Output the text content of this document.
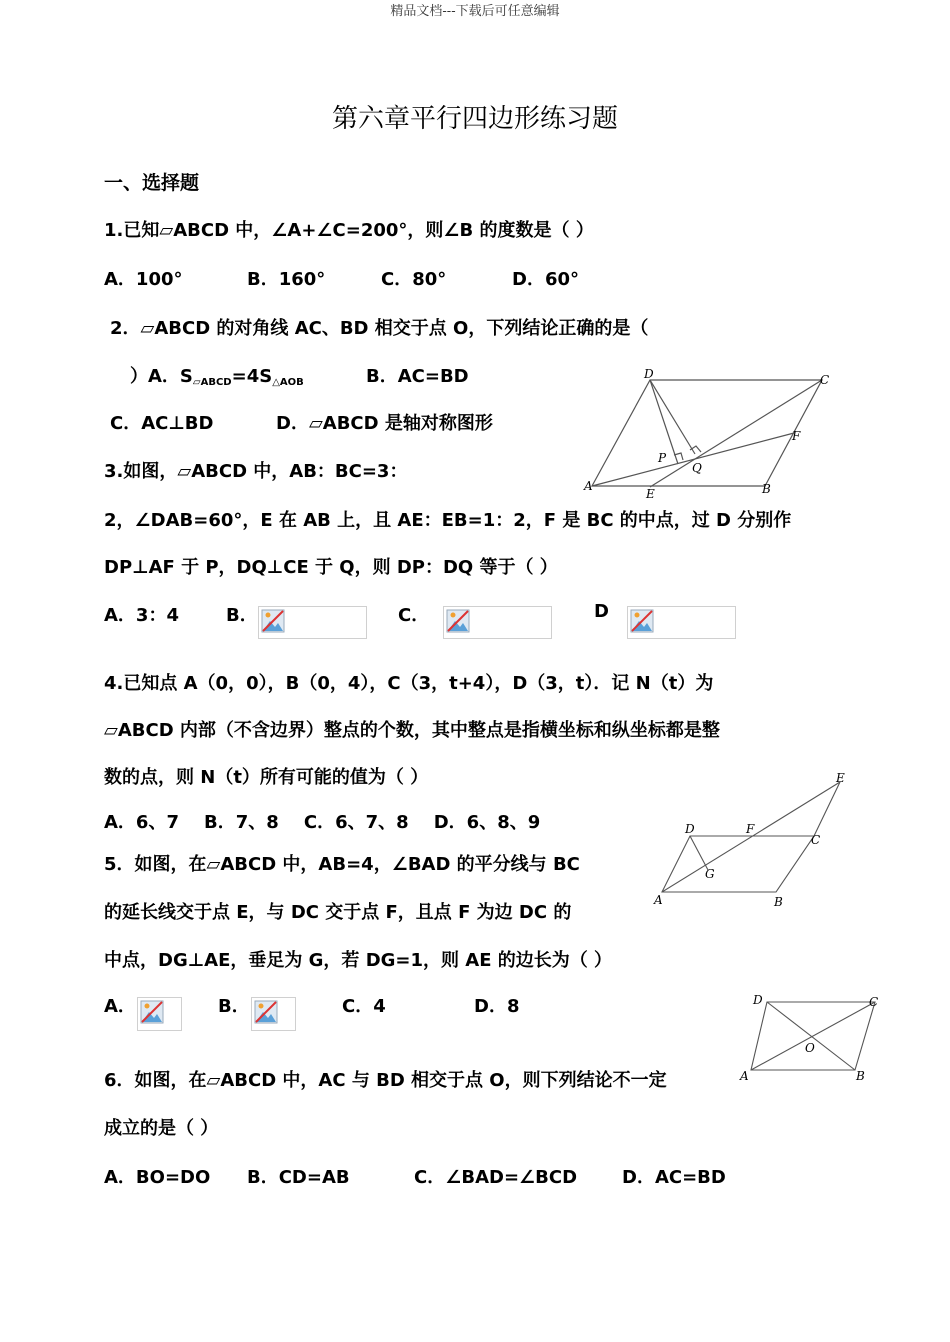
精品文档---下载后可任意编辑
第六章平行四边形练习题
一、选择题
1.已知▱ABCD 中，∠A+∠C=200°，则∠B 的度数是（ ）
A．100°	B．160°	C．80°	D．60°
2．▱ABCD 的对角线 AC、BD 相交于点 O，下列结论正确的是（
）A．$S_{▱ABCD}=4S_{\triangle AOB}$	B．AC=BD
C．AC⊥BD	D．▱ABCD 是轴对称图形
D	C
F
P
Q
A
E	B
3.如图，▱ABCD 中，AB：BC=3：
2，∠DAB=60°，E 在 AB 上，且 AE：EB=1：2，F 是 BC 的中点，过 D 分别作
DP⊥AF 于 P，DQ⊥CE 于 Q，则 DP：DQ 等于（ ）
A．3：4	B．	C．	D
4.已知点 A（0，0），B（0，4），C（3，t+4），D（3，t）．记 N（t）为
▱ABCD 内部（不含边界）整点的个数，其中整点是指横坐标和纵坐标都是整
数的点，则 N（t）所有可能的值为（ ）
A．6、7    B．7、8    C．6、7、8    D．6、8、9
E
D	F
C
G
A	B
5．如图，在▱ABCD 中，AB=4，∠BAD 的平分线与 BC
的延长线交于点 E，与 DC 交于点 F，且点 F 为边 DC 的
中点，DG⊥AE，垂足为 G，若 DG=1，则 AE 的边长为（ ）
A．	B．	C．4	D．8	D	C
O
A	B
6．如图，在▱ABCD 中，AC 与 BD 相交于点 O，则下列结论不一定
成立的是（ ）
A．BO=DO B．CD=AB	C．∠BAD=∠BCD D．AC=BD
